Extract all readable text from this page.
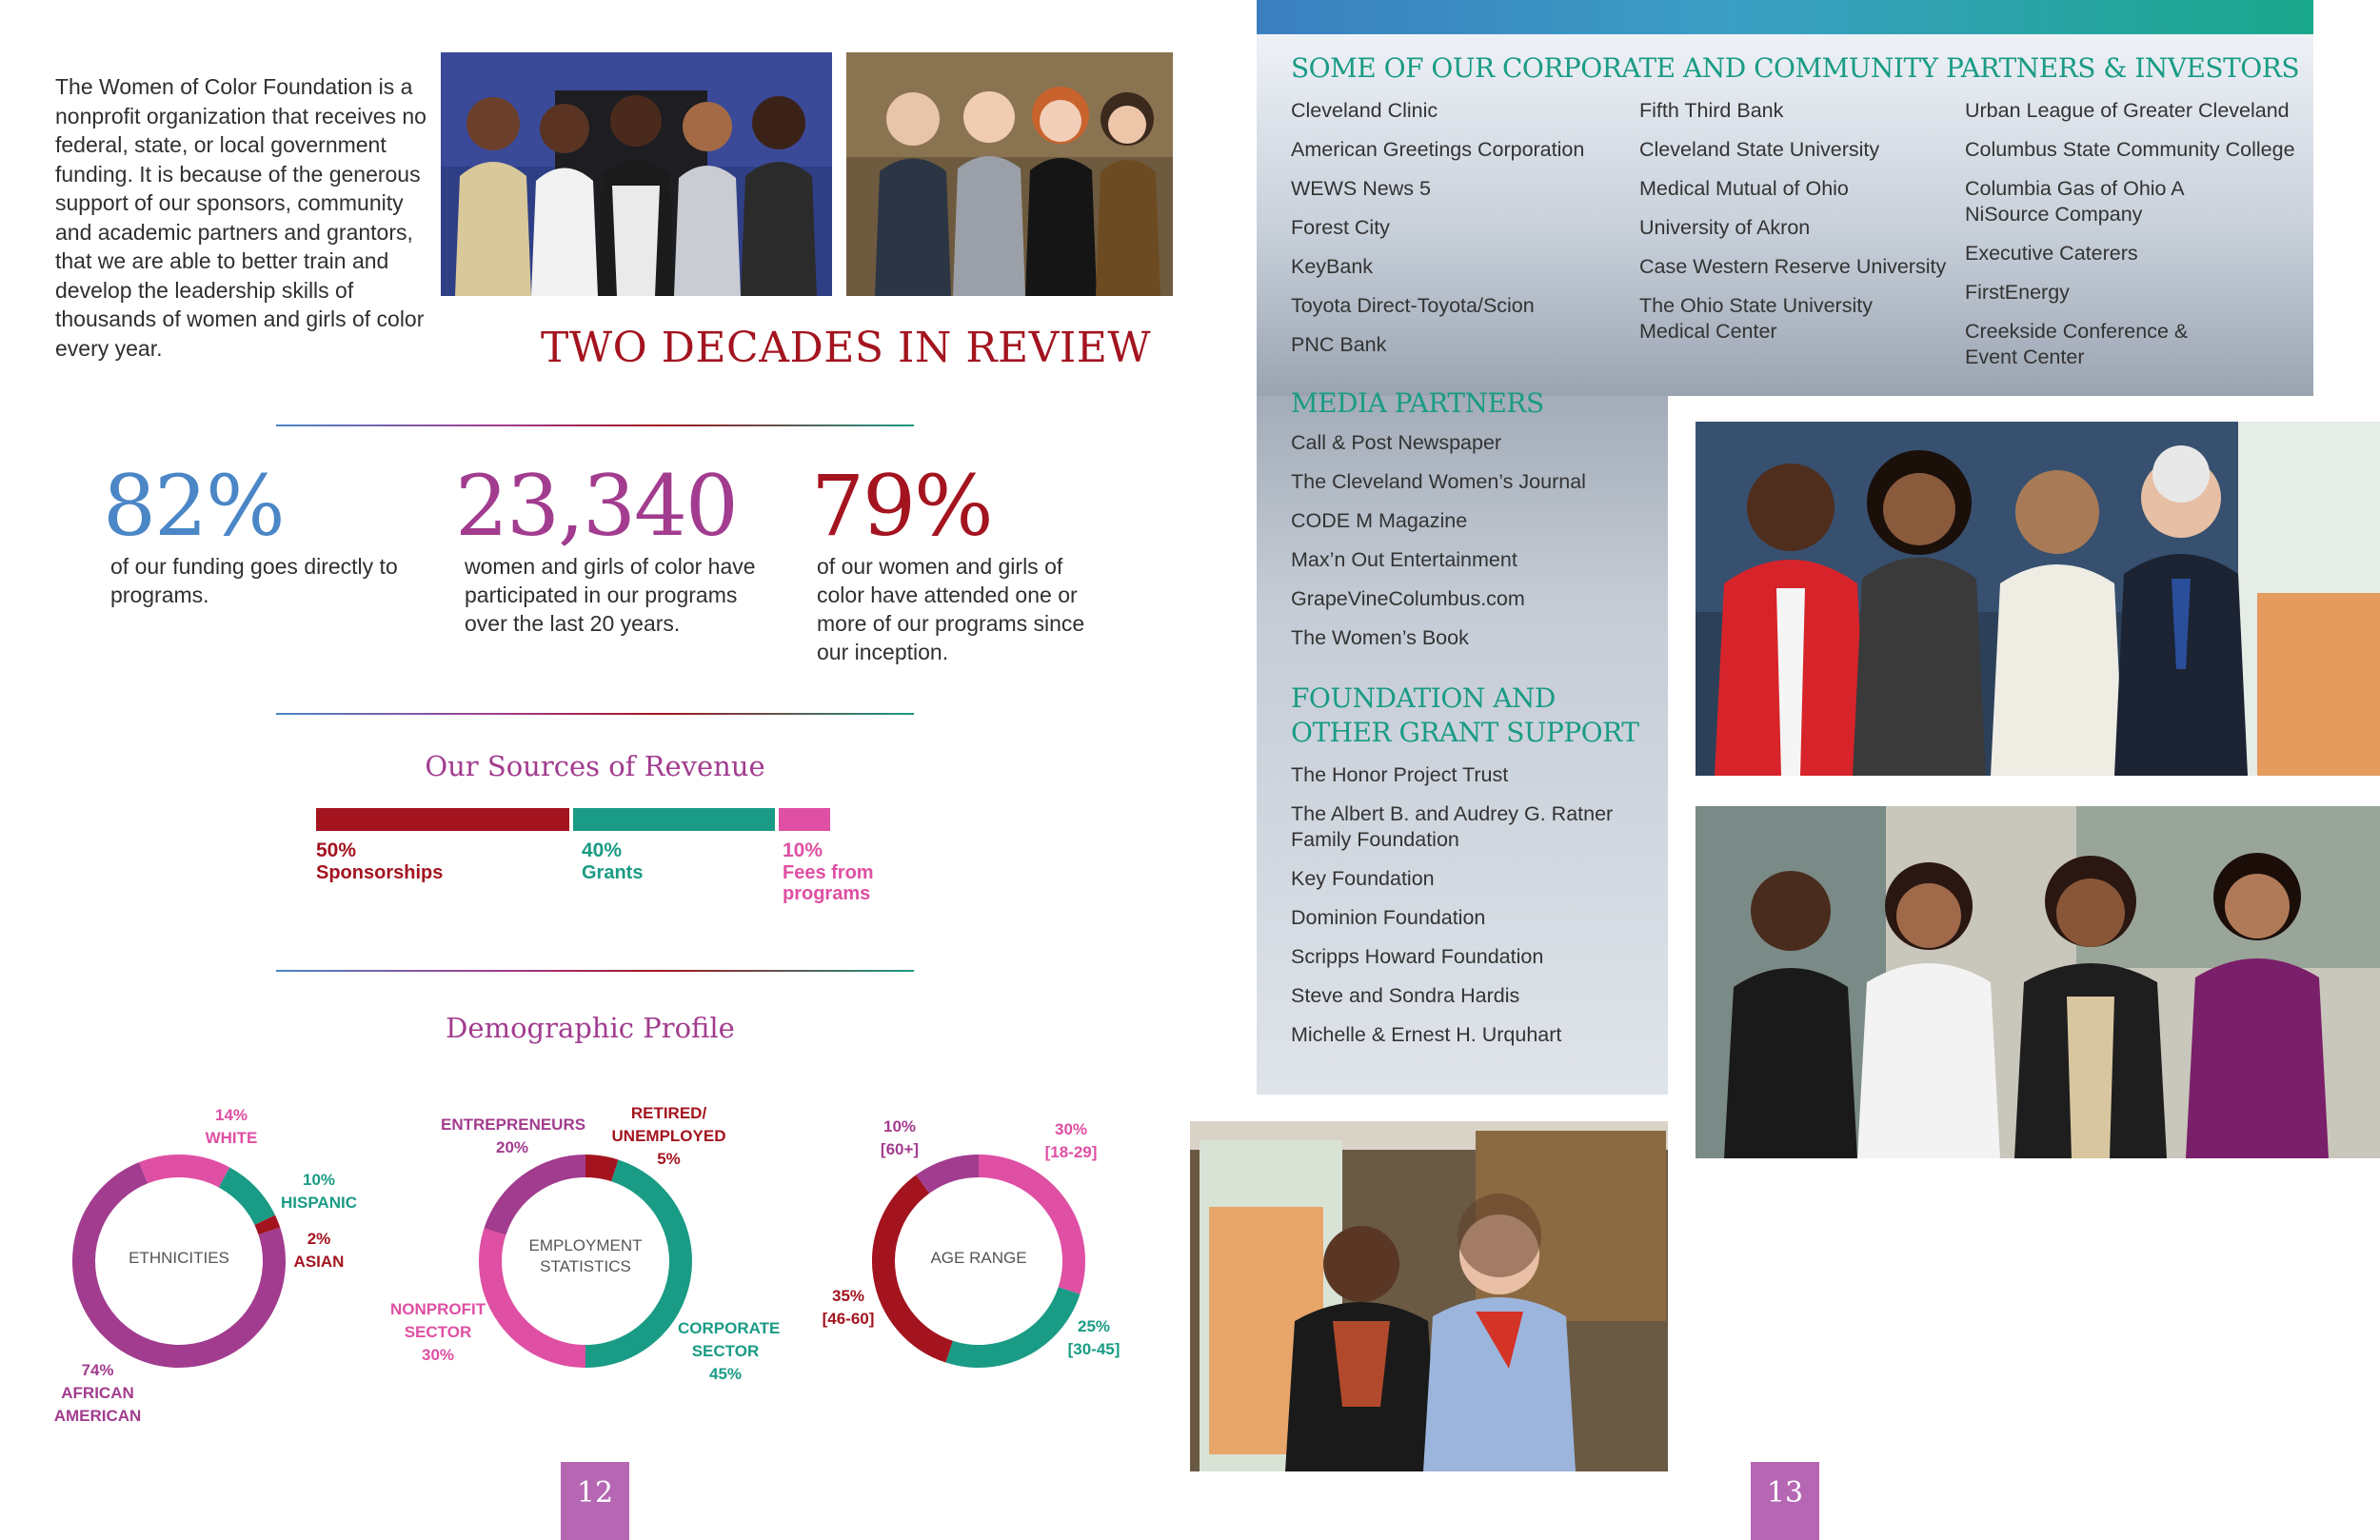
The Women of Color Foundation is a nonprofit organization that receives no federal, state, or local government funding. It is because of the generous support of our sponsors, community and academic partners and grantors, that we are able to better train and develop the leadership skills of thousands of women and girls of color every year.	TWO DECADES IN REVIEW
82%
of our funding goes directly to programs.
23,340
women and girls of color have participated in our programs over the last 20 years.
79%
of our women and girls of color have attended one or more of our programs since our inception.
Our Sources of Revenue
50%
Sponsorships
40%
Grants
10%
Fees from programs
Demographic Profile
ETHNICITIES
EMPLOYMENT STATISTICS	AGE RANGE
14% WHITE
10% HISPANIC
2% ASIAN
74% AFRICAN AMERICAN
ENTREPRENEURS 20%
RETIRED/ UNEMPLOYED 5%
NONPROFIT SECTOR 30%
CORPORATE SECTOR 45%
10% [60+]
30% [18-29]
35% [46-60]	25% [30-45]
12
SOME OF OUR CORPORATE AND COMMUNITY PARTNERS & INVESTORS
Cleveland Clinic
American Greetings Corporation
WEWS News 5
Forest City
KeyBank
Toyota Direct-Toyota/Scion
PNC Bank
Fifth Third Bank
Cleveland State University
Medical Mutual of Ohio
University of Akron
Case Western Reserve University
The Ohio State University Medical Center
Urban League of Greater Cleveland
Columbus State Community College
Columbia Gas of Ohio A NiSource Company
Executive Caterers
FirstEnergy
Creekside Conference & Event Center
MEDIA PARTNERS
Call & Post Newspaper
The Cleveland Women’s Journal
CODE M Magazine
Max’n Out Entertainment
GrapeVineColumbus.com
The Women’s Book
FOUNDATION AND OTHER GRANT SUPPORT
The Honor Project Trust
The Albert B. and Audrey G. Ratner Family Foundation
Key Foundation
Dominion Foundation
Scripps Howard Foundation
Steve and Sondra Hardis
Michelle & Ernest H. Urquhart
13
